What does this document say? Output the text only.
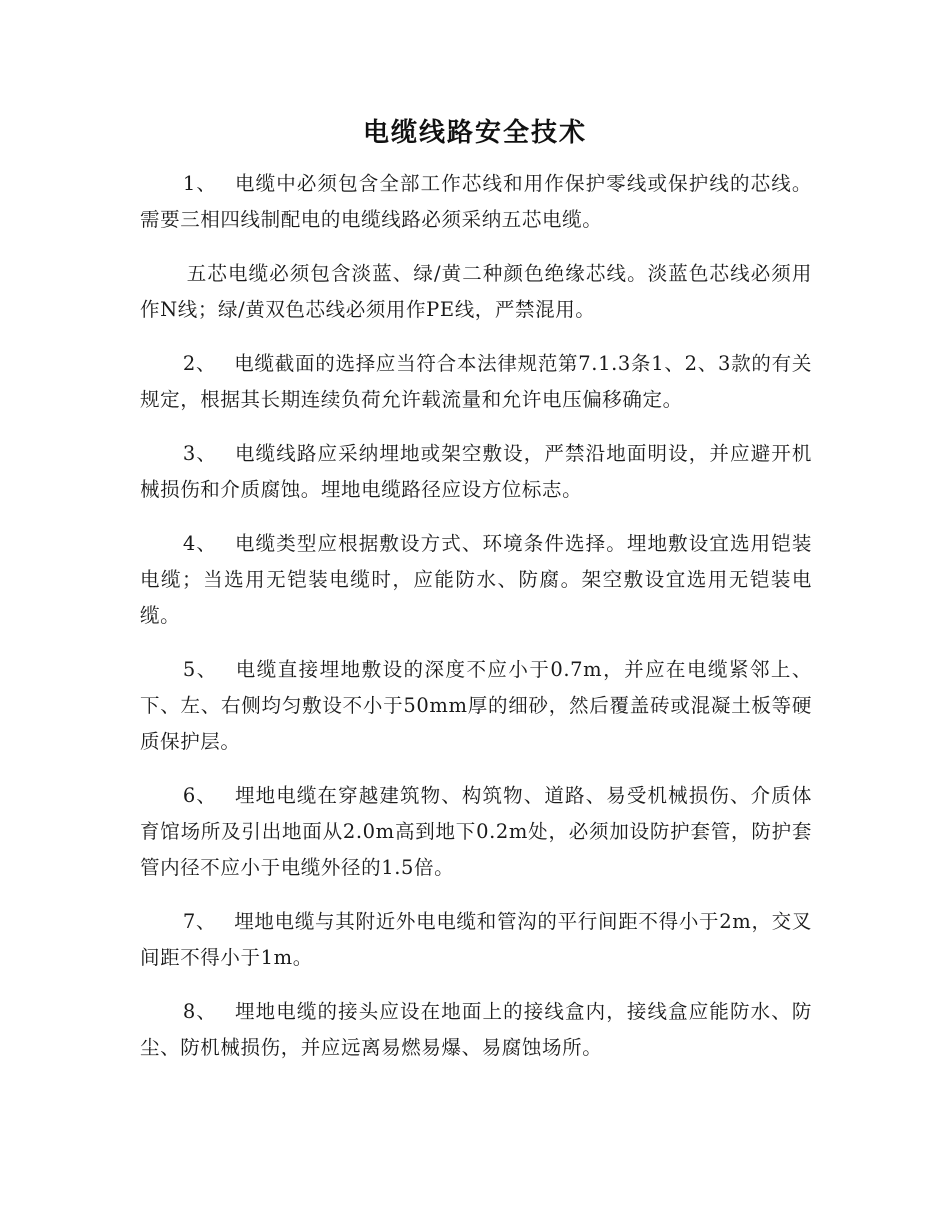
电缆线路安全技术

1、 电缆中必须包含全部工作芯线和用作保护零线或保护线的芯线。需要三相四线制配电的电缆线路必须采纳五芯电缆。

五芯电缆必须包含淡蓝、绿/黄二种颜色绝缘芯线。淡蓝色芯线必须用作N线；绿/黄双色芯线必须用作PE线，严禁混用。

2、 电缆截面的选择应当符合本法律规范第7.1.3条1、2、3款的有关规定，根据其长期连续负荷允许载流量和允许电压偏移确定。

3、 电缆线路应采纳埋地或架空敷设，严禁沿地面明设，并应避开机械损伤和介质腐蚀。埋地电缆路径应设方位标志。

4、 电缆类型应根据敷设方式、环境条件选择。埋地敷设宜选用铠装电缆；当选用无铠装电缆时，应能防水、防腐。架空敷设宜选用无铠装电缆。

5、 电缆直接埋地敷设的深度不应小于0.7m，并应在电缆紧邻上、下、左、右侧均匀敷设不小于50mm厚的细砂，然后覆盖砖或混凝土板等硬质保护层。

6、 埋地电缆在穿越建筑物、构筑物、道路、易受机械损伤、介质体育馆场所及引出地面从2.0m高到地下0.2m处，必须加设防护套管，防护套管内径不应小于电缆外径的1.5倍。

7、 埋地电缆与其附近外电电缆和管沟的平行间距不得小于2m，交叉间距不得小于1m。

8、 埋地电缆的接头应设在地面上的接线盒内，接线盒应能防水、防尘、防机械损伤，并应远离易燃易爆、易腐蚀场所。
